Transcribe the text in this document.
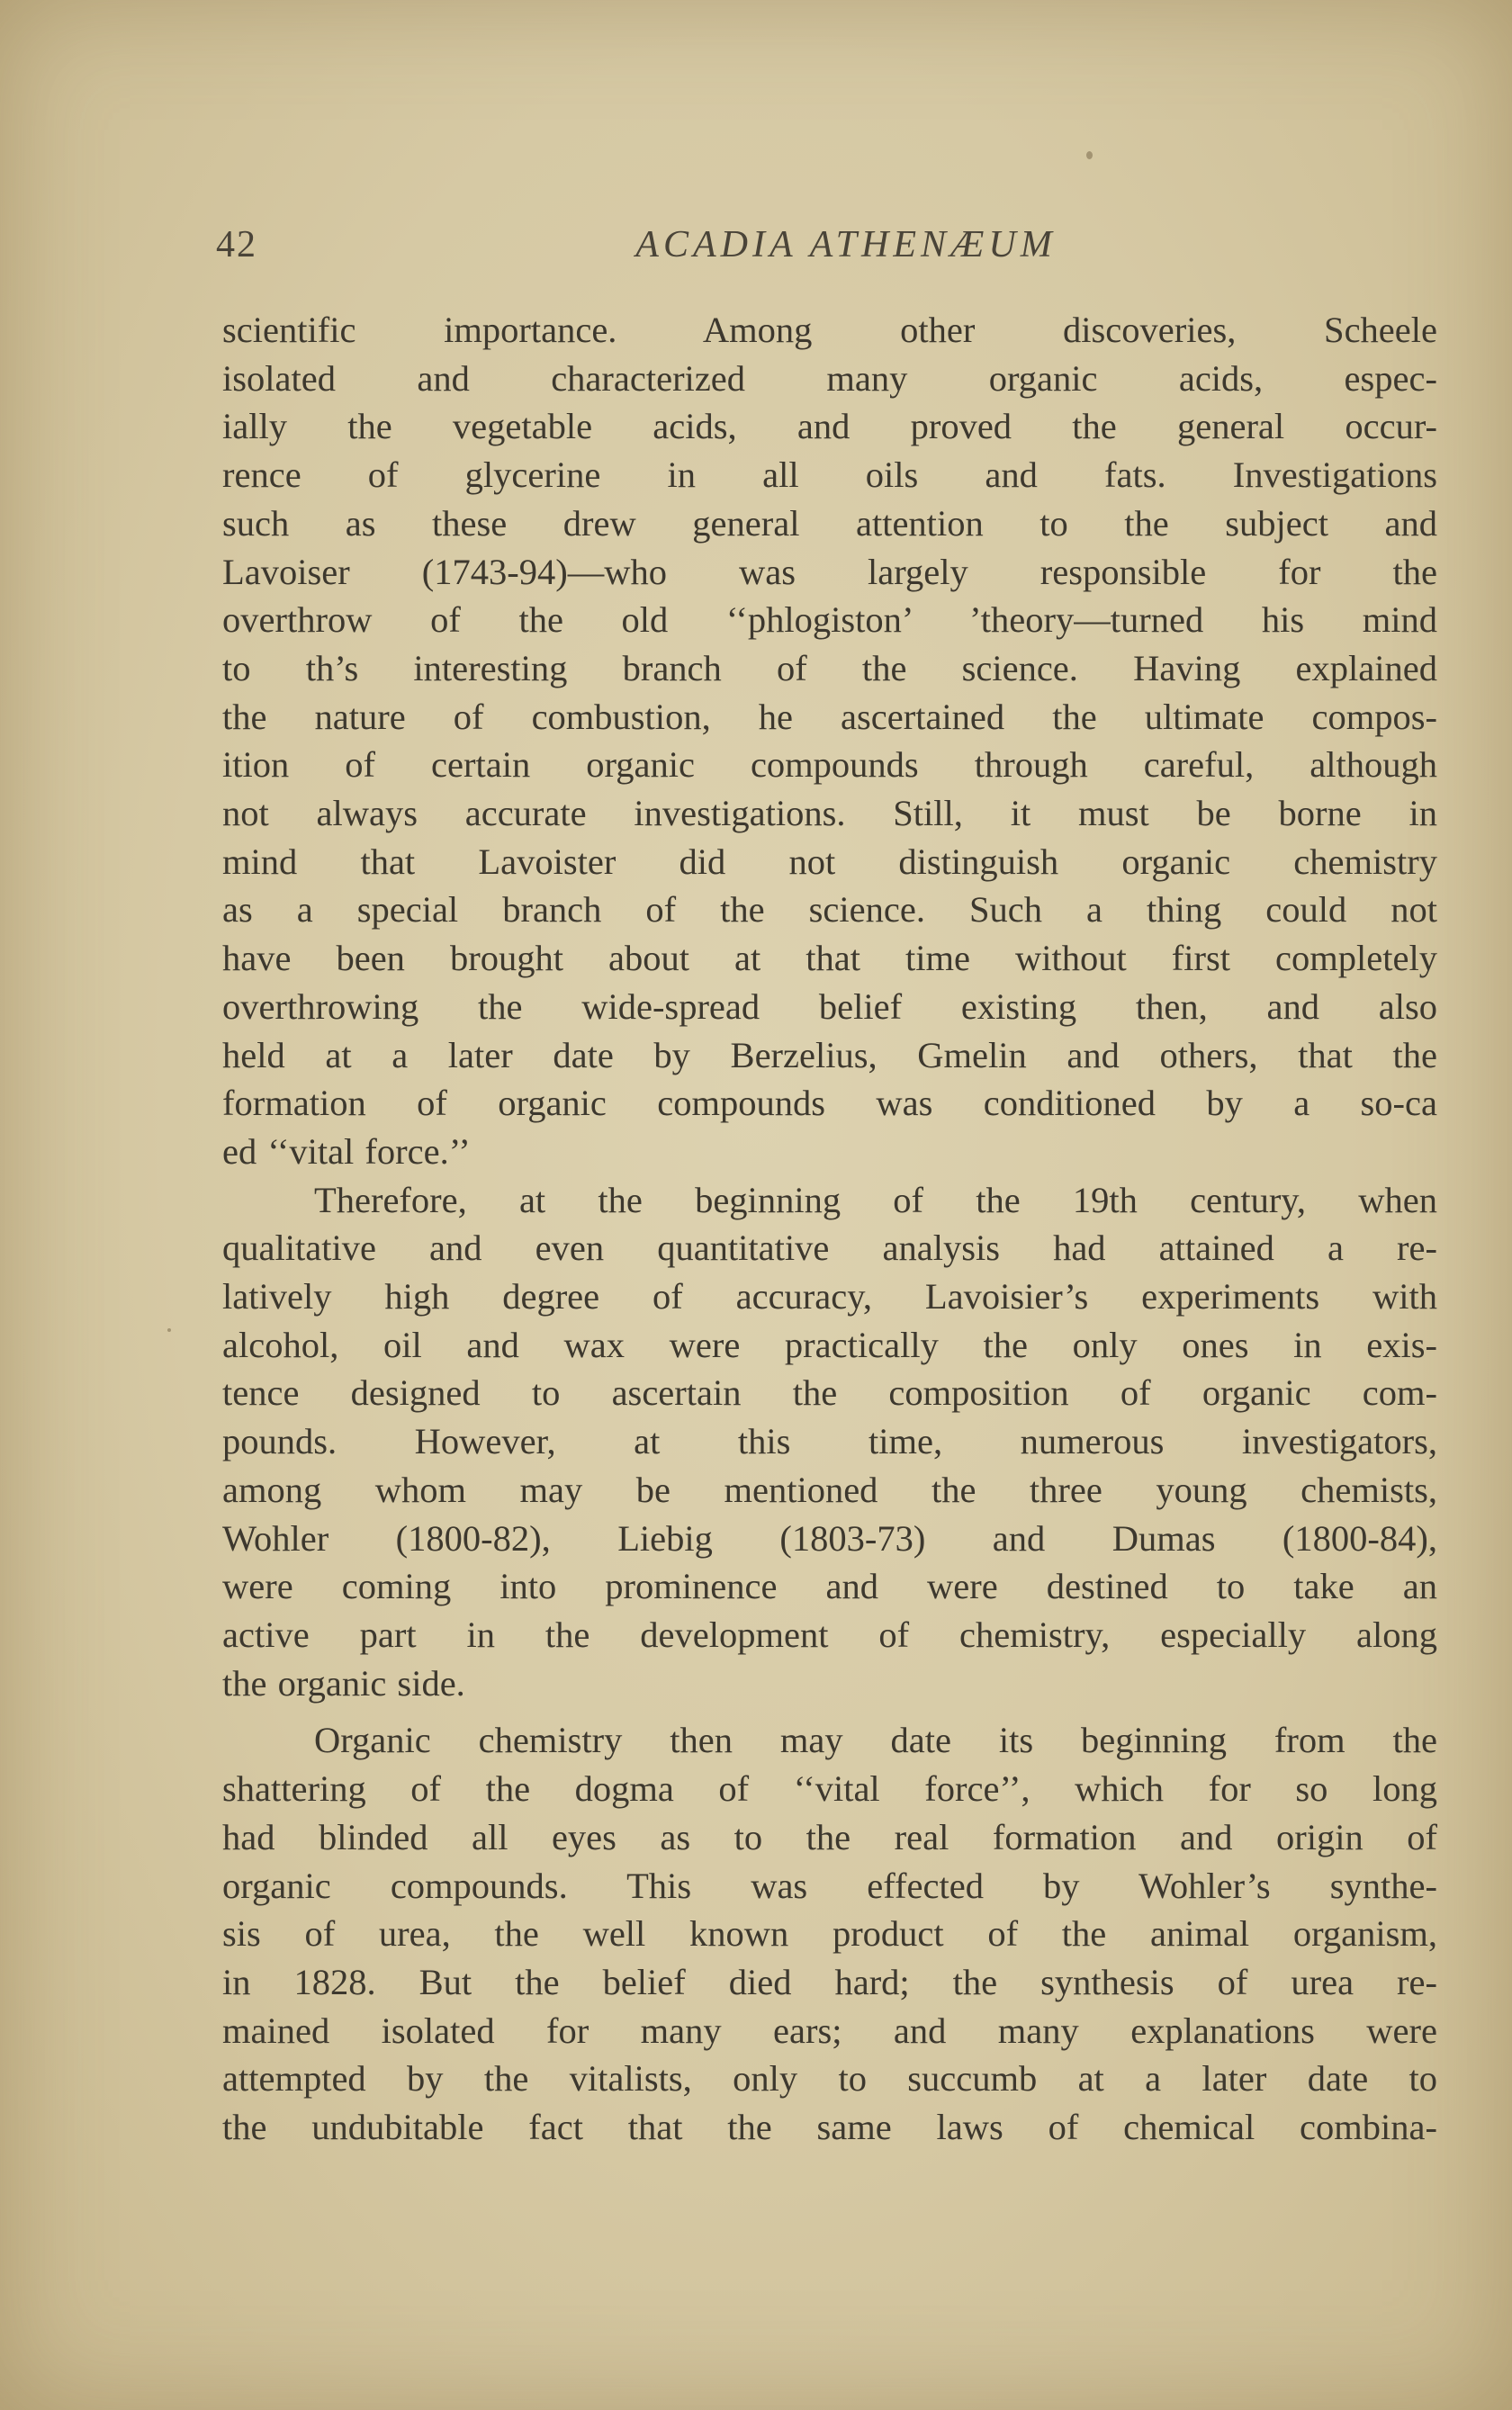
42	ACADIA ATHENÆUM

scientific importance. Among other discoveries, Scheele

isolated and characterized many organic acids, espec-

ially the vegetable acids, and proved the general occur-

rence of glycerine in all oils and fats. Investigations

such as these drew general attention to the subject and

Lavoiser (1743-94)—who was largely responsible for the

overthrow of the old ‘‘phlogiston’ ’theory—turned his mind

to th’s interesting branch of the science. Having explained

the nature of combustion, he ascertained the ultimate compos-

ition of certain organic compounds through careful, although

not always accurate investigations. Still, it must be borne in

mind that Lavoister did not distinguish organic chemistry

as a special branch of the science. Such a thing could not

have been brought about at that time without first completely

overthrowing the wide-spread belief existing then, and also

held at a later date by Berzelius, Gmelin and others, that the

formation of organic compounds was conditioned by a so-ca

ed ‘‘vital force.’’

Therefore, at the beginning of the 19th century, when

qualitative and even quantitative analysis had attained a re-

latively high degree of accuracy, Lavoisier’s experiments with

alcohol, oil and wax were practically the only ones in exis-

tence designed to ascertain the composition of organic com-

pounds. However, at this time, numerous investigators,

among whom may be mentioned the three young chemists,

Wohler (1800-82), Liebig (1803-73) and Dumas (1800-84),

were coming into prominence and were destined to take an

active part in the development of chemistry, especially along

the organic side.

Organic chemistry then may date its beginning from the

shattering of the dogma of ‘‘vital force’’, which for so long

had blinded all eyes as to the real formation and origin of

organic compounds. This was effected by Wohler’s synthe-

sis of urea, the well known product of the animal organism,

in 1828. But the belief died hard; the synthesis of urea re-

mained isolated for many ears; and many explanations were

attempted by the vitalists, only to succumb at a later date to

the undubitable fact that the same laws of chemical combina-
